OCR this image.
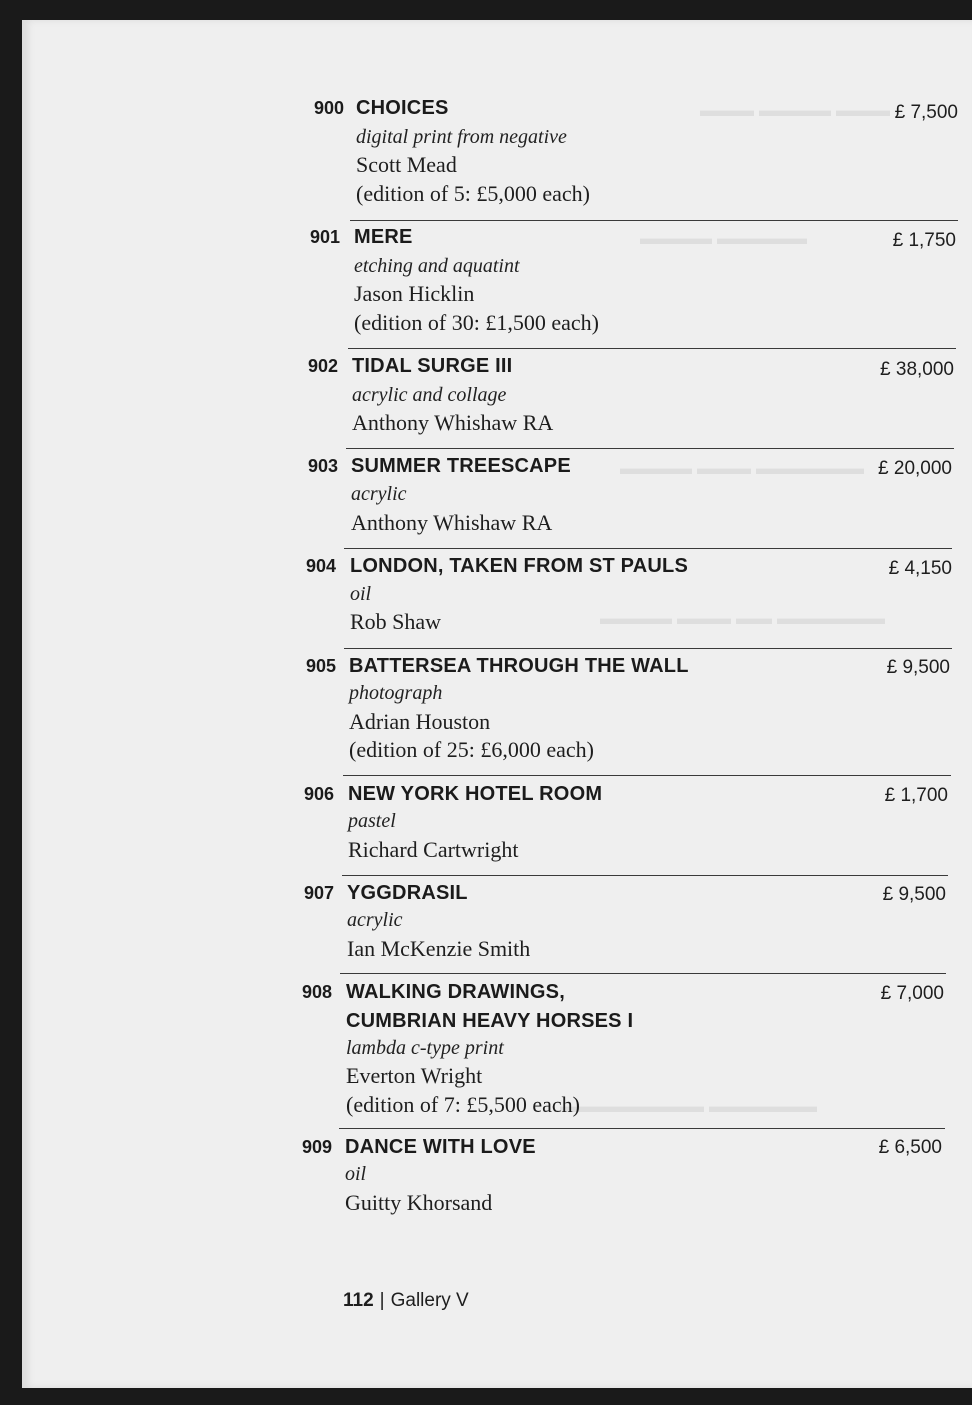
▬▬▬ ▬▬▬▬ ▬▬▬
▬▬▬▬▬ ▬▬▬▬
▬▬▬▬▬▬ ▬▬▬ ▬▬▬▬
▬▬▬▬▬▬ ▬▬ ▬▬▬ ▬▬▬▬
▬▬▬▬▬▬ ▬▬▬▬▬▬▬▬
900 CHOICES
digital print from negative
Scott Mead
(edition of 5: £5,000 each)
£ 7,500
901 MERE
etching and aquatint
Jason Hicklin
(edition of 30: £1,500 each)
£ 1,750
902 TIDAL SURGE III
acrylic and collage
Anthony Whishaw RA
£ 38,000
903 SUMMER TREESCAPE
acrylic
Anthony Whishaw RA
£ 20,000
904 LONDON, TAKEN FROM ST PAULS
oil
Rob Shaw
£ 4,150
905 BATTERSEA THROUGH THE WALL
photograph
Adrian Houston
(edition of 25: £6,000 each)
£ 9,500
906 NEW YORK HOTEL ROOM
pastel
Richard Cartwright
£ 1,700
907 YGGDRASIL
acrylic
Ian McKenzie Smith
£ 9,500
908 WALKING DRAWINGS,
CUMBRIAN HEAVY HORSES I
lambda c-type print
Everton Wright
(edition of 7: £5,500 each)
£ 7,000
909 DANCE WITH LOVE
oil
Guitty Khorsand
£ 6,500
112 | Gallery V
